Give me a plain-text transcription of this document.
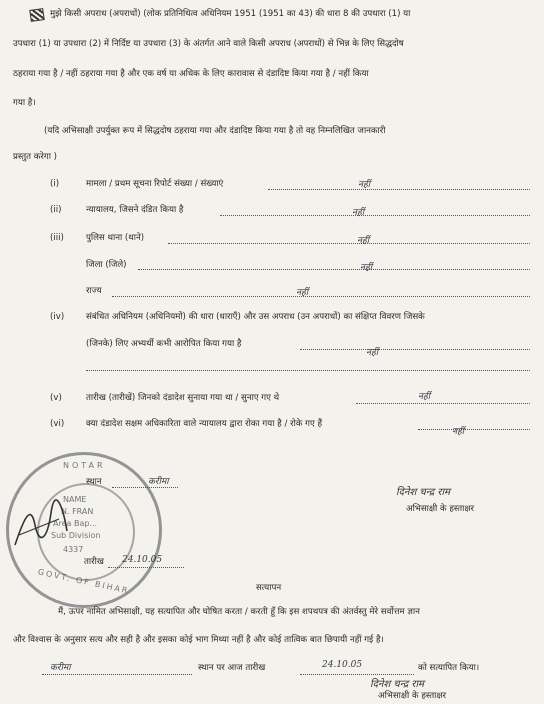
मुझे किसी अपराध (अपराधों) (लोक प्रतिनिधित्व अधिनियम 1951 (1951 का 43) की धारा 8 की उपधारा (1) या
उपधारा (1) या उपधारा (2) में निर्दिष्ट या उपधारा (3) के अंतर्गत आने वाले किसी अपराध (अपराधों) से भिन्न के लिए सिद्धदोष
ठहराया गया है / नहीं ठहराया गया है और एक वर्ष या अधिक के लिए कारावास से दंडादिष्ट किया गया है / नहीं किया
गया है।
(यदि अभिसाक्षी उपर्युक्त रूप में सिद्धदोष ठहराया गया और दंडादिष्ट किया गया है तो वह निम्नलिखित जानकारी
प्रस्तुत करेगा )
(i)	मामला / प्रथम सूचना रिपोर्ट संख्या / संख्याएं	नहीं
(ii)	न्यायालय, जिसने दंडित किया है	नहीं
(iii)	पुलिस थाना (थाने)	नहीं
जिला (जिले)	नहीं
राज्य	नहीं
(iv)	संबंधित अधिनियम (अधिनियमों) की धारा (धाराएँ) और उस अपराध (उन अपराधों) का संक्षिप्त विवरण जिसके
(जिनके) लिए अभ्यर्थी कभी आरोपित किया गया है
नहीं
(v)	तारीख (तारीखें) जिनको दंडादेश सुनाया गया था / सुनाए गए थे	नहीं
(vi)	क्या दंडादेश सक्षम अधिकारिता वाले न्यायालय द्वारा रोका गया है / रोके गए हैं
नहीं
NOTAR
NAME
N. FRAN
Area Bap...
Sub Division
4337
GOVT. OF BIHAR
स्थान	करीमा
दिनेश चन्द्र राम
अभिसाक्षी के हस्ताक्षर
तारीख 24.10.05
सत्यापन
मैं, ऊपर नामित अभिसाक्षी, यह सत्यापित और घोषित करता / करती हूँ कि इस शपथपत्र की अंतर्वस्तु मेरे सर्वोत्तम ज्ञान
और विश्वास के अनुसार सत्य और सही है और इसका कोई भाग मिथ्या नहीं है और कोई तात्विक बात छिपायी नहीं गई है।
करीमा	स्थान पर आज तारीख	24.10.05	को सत्यापित किया।
दिनेश चन्द्र राम
अभिसाक्षी के हस्ताक्षर
